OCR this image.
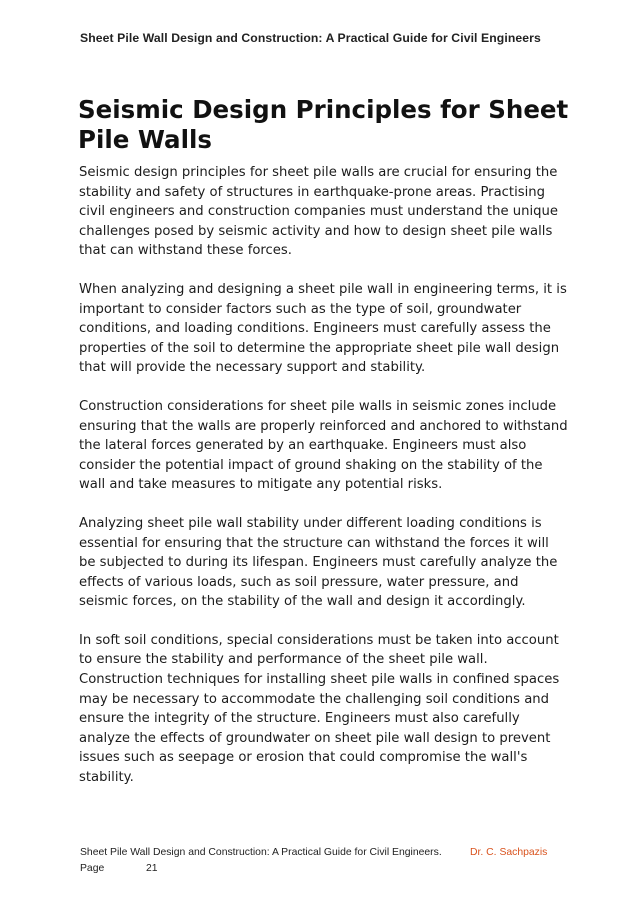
Sheet Pile Wall Design and Construction: A Practical Guide for Civil Engineers
Seismic Design Principles for Sheet Pile Walls

Seismic design principles for sheet pile walls are crucial for ensuring the stability and safety of structures in earthquake-prone areas. Practising civil engineers and construction companies must understand the unique challenges posed by seismic activity and how to design sheet pile walls that can withstand these forces.

When analyzing and designing a sheet pile wall in engineering terms, it is important to consider factors such as the type of soil, groundwater conditions, and loading conditions. Engineers must carefully assess the properties of the soil to determine the appropriate sheet pile wall design that will provide the necessary support and stability.

Construction considerations for sheet pile walls in seismic zones include ensuring that the walls are properly reinforced and anchored to withstand the lateral forces generated by an earthquake. Engineers must also consider the potential impact of ground shaking on the stability of the wall and take measures to mitigate any potential risks.

Analyzing sheet pile wall stability under different loading conditions is essential for ensuring that the structure can withstand the forces it will be subjected to during its lifespan. Engineers must carefully analyze the effects of various loads, such as soil pressure, water pressure, and seismic forces, on the stability of the wall and design it accordingly.

In soft soil conditions, special considerations must be taken into account to ensure the stability and performance of the sheet pile wall. Construction techniques for installing sheet pile walls in confined spaces may be necessary to accommodate the challenging soil conditions and ensure the integrity of the structure. Engineers must also carefully analyze the effects of groundwater on sheet pile wall design to prevent issues such as seepage or erosion that could compromise the wall's stability.

Sheet Pile Wall Design and Construction: A Practical Guide for Civil Engineers.	Dr. C. Sachpazis
Page	21
